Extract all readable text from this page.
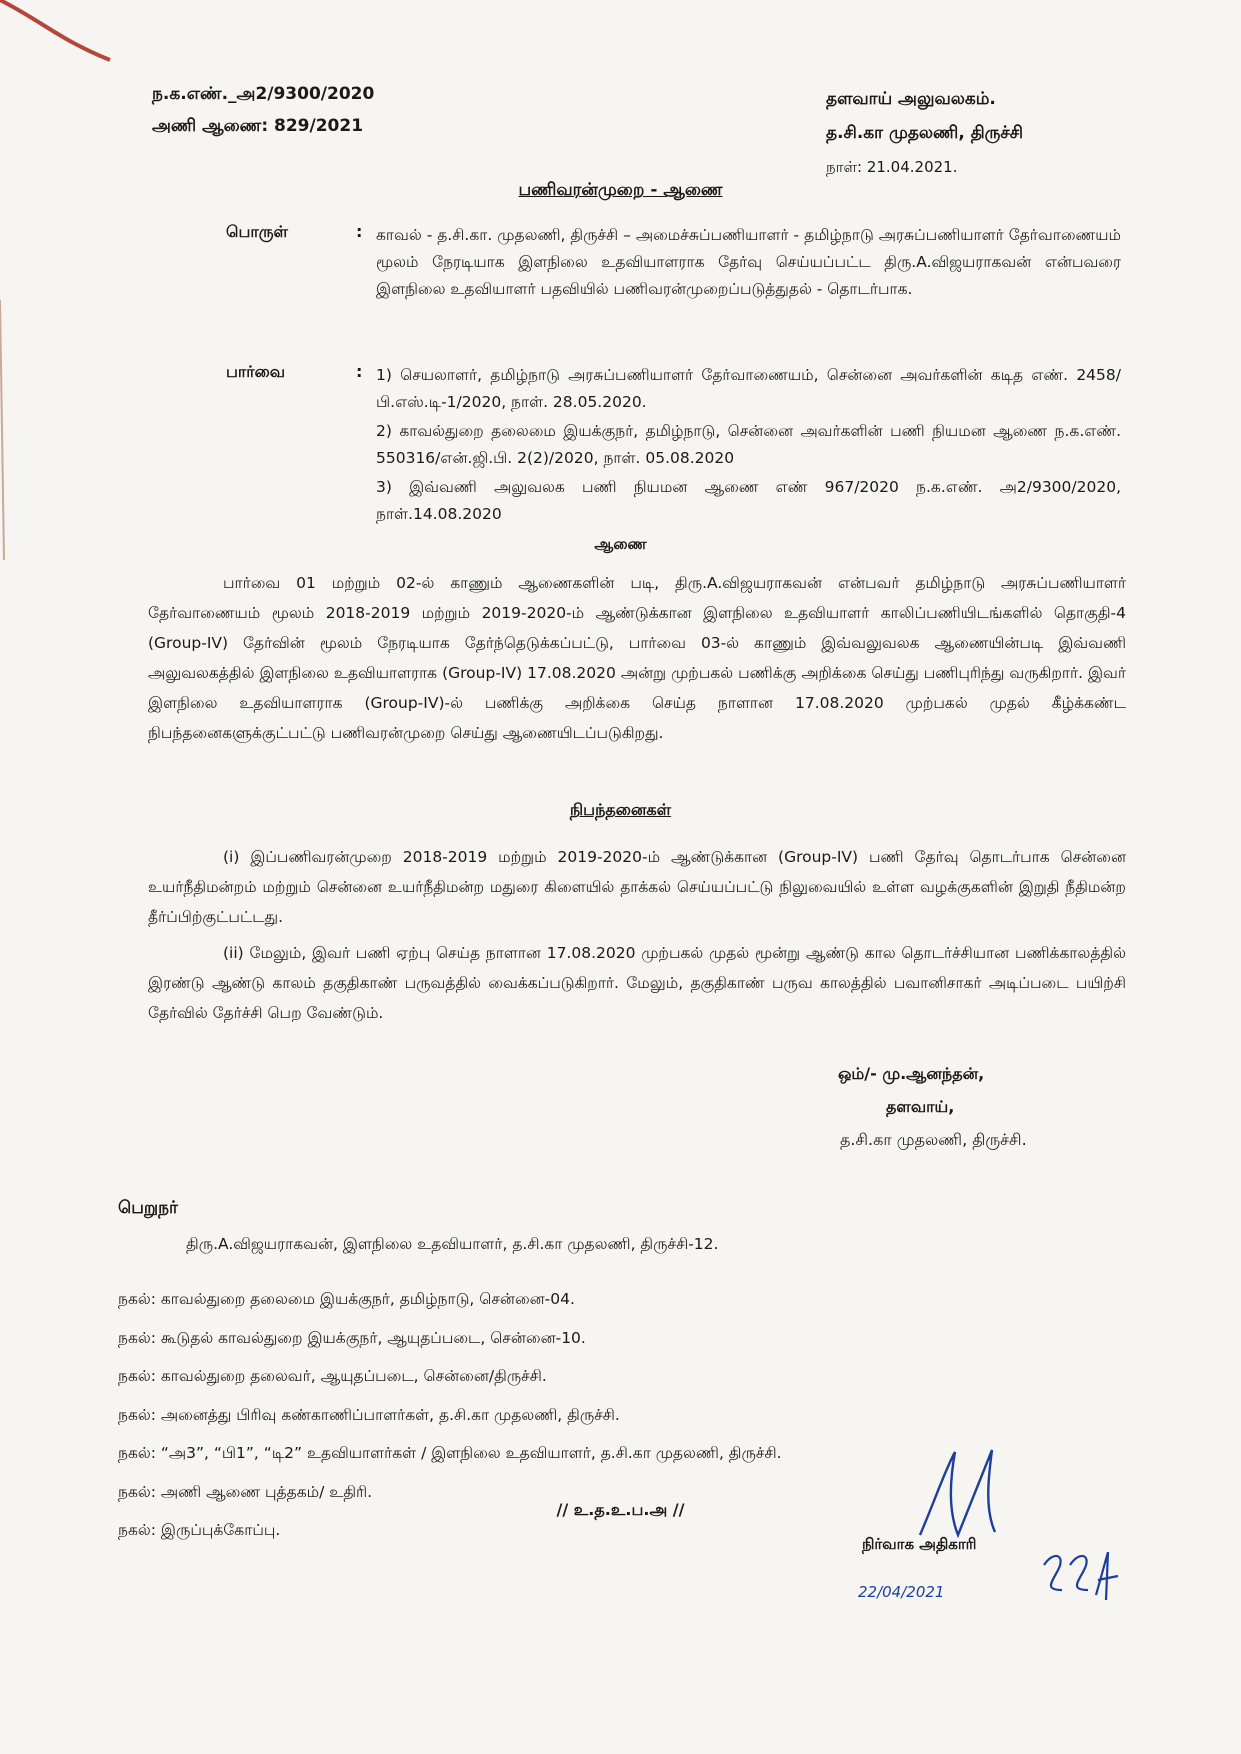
ந.க.எண்._அ2/9300/2020
அணி ஆணை: 829/2021
தளவாய் அலுவலகம்.
த.சி.கா முதலணி, திருச்சி
நாள்: 21.04.2021.
பணிவரன்முறை - ஆணை
பொருள்	: காவல் - த.சி.கா. முதலணி, திருச்சி – அமைச்சுப்பணியாளர் - தமிழ்நாடு அரசுப்பணியாளர் தேர்வாணையம் மூலம் நேரடியாக இளநிலை உதவியாளராக தேர்வு செய்யப்பட்ட திரு.A.விஜயராகவன் என்பவரை இளநிலை உதவியாளர் பதவியில் பணிவரன்முறைப்படுத்துதல் - தொடர்பாக.
பார்வை	: 1) செயலாளர், தமிழ்நாடு அரசுப்பணியாளர் தேர்வாணையம், சென்னை அவர்களின் கடித எண். 2458/பி.எஸ்.டி-1/2020, நாள். 28.05.2020.
2) காவல்துறை தலைமை இயக்குநர், தமிழ்நாடு, சென்னை அவர்களின் பணி நியமன ஆணை ந.க.எண். 550316/என்.ஜி.பி. 2(2)/2020, நாள். 05.08.2020
3) இவ்வணி அலுவலக பணி நியமன ஆணை எண் 967/2020 ந.க.எண். அ2/9300/2020, நாள்.14.08.2020
ஆணை
பார்வை 01 மற்றும் 02-ல் காணும் ஆணைகளின் படி, திரு.A.விஜயராகவன் என்பவர் தமிழ்நாடு அரசுப்பணியாளர் தேர்வாணையம் மூலம் 2018-2019 மற்றும் 2019-2020-ம் ஆண்டுக்கான இளநிலை உதவியாளர் காலிப்பணியிடங்களில் தொகுதி-4 (Group-IV) தேர்வின் மூலம் நேரடியாக தேர்ந்தெடுக்கப்பட்டு, பார்வை 03-ல் காணும் இவ்வலுவலக ஆணையின்படி இவ்வணி அலுவலகத்தில் இளநிலை உதவியாளராக (Group-IV) 17.08.2020 அன்று முற்பகல் பணிக்கு அறிக்கை செய்து பணிபுரிந்து வருகிறார். இவர் இளநிலை உதவியாளராக (Group-IV)-ல் பணிக்கு அறிக்கை செய்த நாளான 17.08.2020 முற்பகல் முதல் கீழ்க்கண்ட நிபந்தனைகளுக்குட்பட்டு பணிவரன்முறை செய்து ஆணையிடப்படுகிறது.
நிபந்தனைகள்
(i) இப்பணிவரன்முறை 2018-2019 மற்றும் 2019-2020-ம் ஆண்டுக்கான (Group-IV) பணி தேர்வு தொடர்பாக சென்னை உயர்நீதிமன்றம் மற்றும் சென்னை உயர்நீதிமன்ற மதுரை கிளையில் தாக்கல் செய்யப்பட்டு நிலுவையில் உள்ள வழக்குகளின் இறுதி நீதிமன்ற தீர்ப்பிற்குட்பட்டது.
(ii) மேலும், இவர் பணி ஏற்பு செய்த நாளான 17.08.2020 முற்பகல் முதல் மூன்று ஆண்டு கால தொடர்ச்சியான பணிக்காலத்தில் இரண்டு ஆண்டு காலம் தகுதிகாண் பருவத்தில் வைக்கப்படுகிறார். மேலும், தகுதிகாண் பருவ காலத்தில் பவானிசாகர் அடிப்படை பயிற்சி தேர்வில் தேர்ச்சி பெற வேண்டும்.
ஒம்/- மு.ஆனந்தன்,
தளவாய்,
த.சி.கா முதலணி, திருச்சி.
பெறுநர்
திரு.A.விஜயராகவன், இளநிலை உதவியாளர், த.சி.கா முதலணி, திருச்சி-12.
நகல்: காவல்துறை தலைமை இயக்குநர், தமிழ்நாடு, சென்னை-04.
நகல்: கூடுதல் காவல்துறை இயக்குநர், ஆயுதப்படை, சென்னை-10.
நகல்: காவல்துறை தலைவர், ஆயுதப்படை, சென்னை/திருச்சி.
நகல்: அனைத்து பிரிவு கண்காணிப்பாளர்கள், த.சி.கா முதலணி, திருச்சி.
நகல்: “அ3”, “பி1”, “டி2” உதவியாளர்கள் / இளநிலை உதவியாளர், த.சி.கா முதலணி, திருச்சி.
நகல்: அணி ஆணை புத்தகம்/ உதிரி.
நகல்: இருப்புக்கோப்பு.
// உ.த.உ.ப.அ //
நிர்வாக அதிகாரி
22/04/2021
